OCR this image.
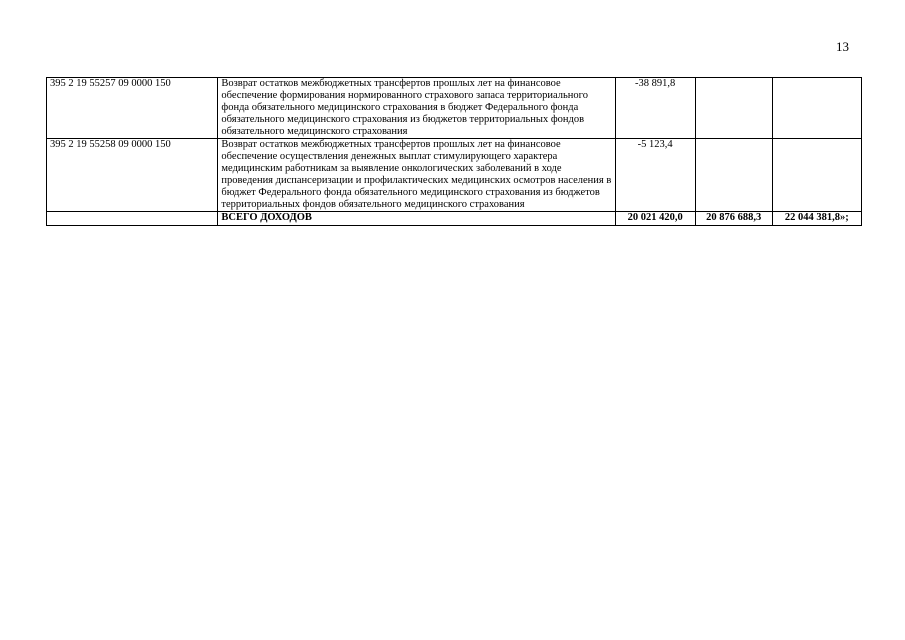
13
395 2 19 55257 09 0000 150	Возврат остатков межбюджетных трансфертов прошлых лет на финансовое обеспечение формирования нормированного страхового запаса территориального фонда обязательного медицинского страхования в бюджет Федерального фонда обязательного медицинского страхования из бюджетов территориальных фондов обязательного медицинского страхования	-38 891,8		
395 2 19 55258 09 0000 150	Возврат остатков межбюджетных трансфертов прошлых лет на финансовое обеспечение осуществления денежных выплат стимулирующего характера медицинским работникам за выявление онкологических заболеваний в ходе проведения диспансеризации и профилактических медицинских осмотров населения в бюджет Федерального фонда обязательного медицинского страхования из бюджетов территориальных фондов обязательного медицинского страхования	-5 123,4		
	ВСЕГО ДОХОДОВ	20 021 420,0	20 876 688,3	22 044 381,8»;
